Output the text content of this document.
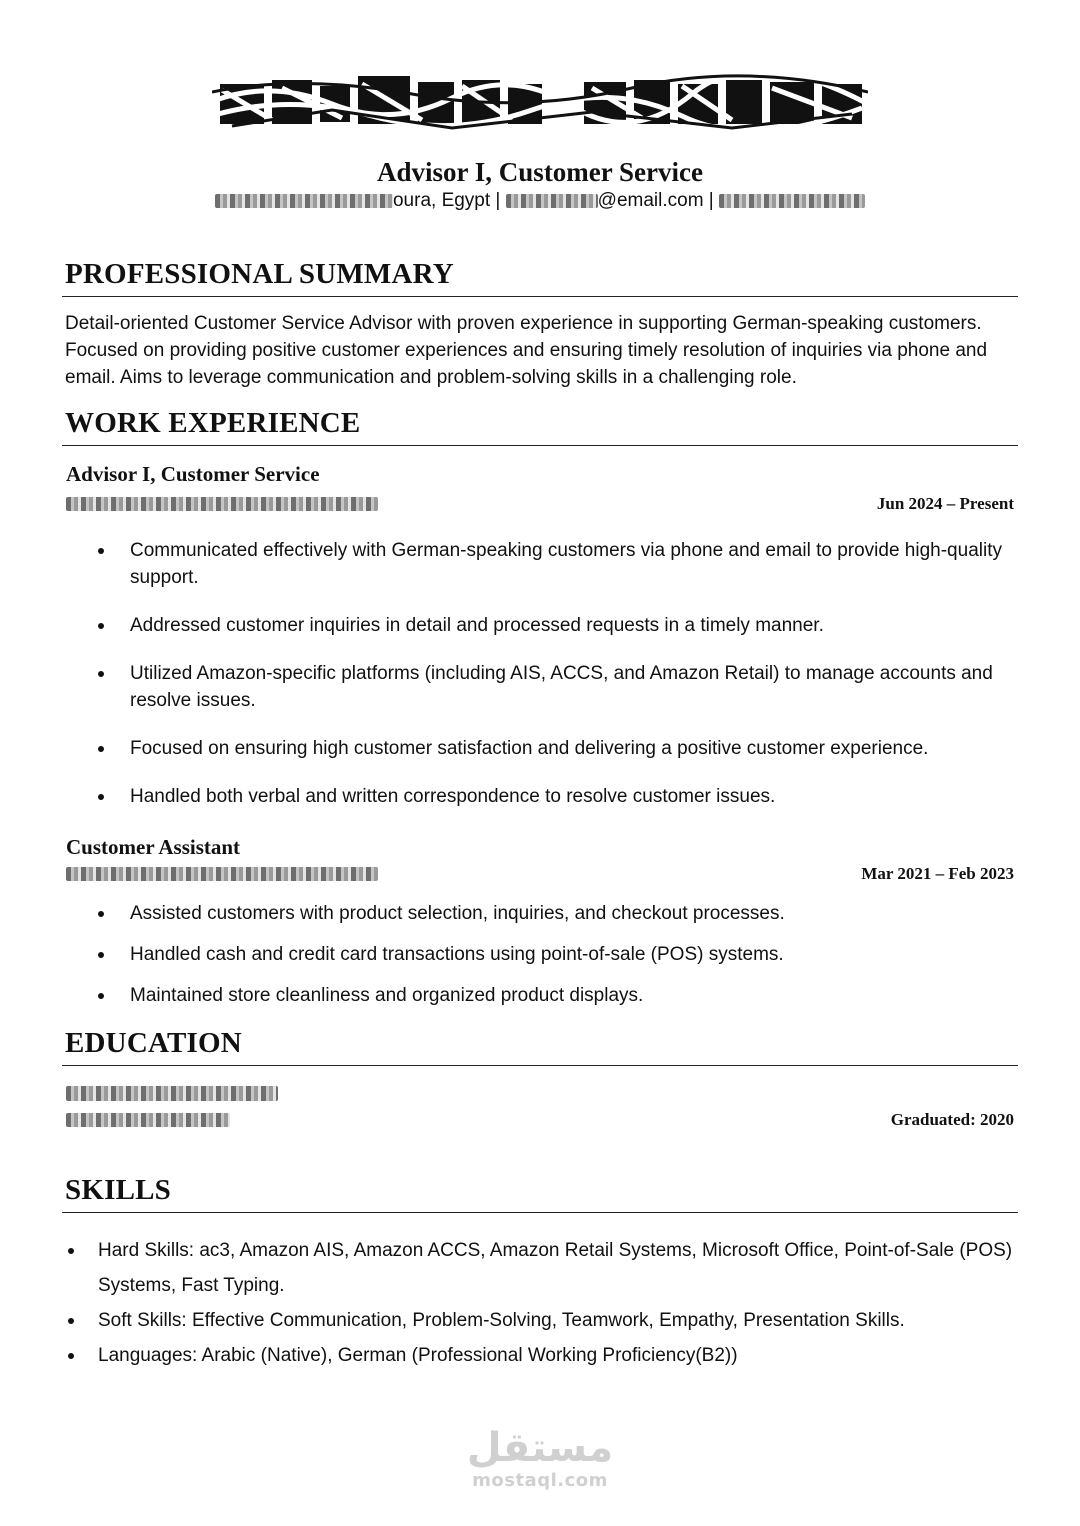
Advisor I, Customer Service
oura, Egypt |	@email.com |
PROFESSIONAL SUMMARY
Detail-oriented Customer Service Advisor with proven experience in supporting German-speaking customers. Focused on providing positive customer experiences and ensuring timely resolution of inquiries via phone and email. Aims to leverage communication and problem-solving skills in a challenging role.
WORK EXPERIENCE
Advisor I, Customer Service
Jun 2024 – Present
Communicated effectively with German-speaking customers via phone and email to provide high-quality support.
Addressed customer inquiries in detail and processed requests in a timely manner.
Utilized Amazon-specific platforms (including AIS, ACCS, and Amazon Retail) to manage accounts and resolve issues.
Focused on ensuring high customer satisfaction and delivering a positive customer experience.
Handled both verbal and written correspondence to resolve customer issues.
Customer Assistant
Mar 2021 – Feb 2023
Assisted customers with product selection, inquiries, and checkout processes.
Handled cash and credit card transactions using point-of-sale (POS) systems.
Maintained store cleanliness and organized product displays.
EDUCATION
Graduated: 2020
SKILLS
Hard Skills: ac3, Amazon AIS, Amazon ACCS, Amazon Retail Systems, Microsoft Office, Point-of-Sale (POS) Systems, Fast Typing.
Soft Skills: Effective Communication, Problem-Solving, Teamwork, Empathy, Presentation Skills.
Languages: Arabic (Native), German (Professional Working Proficiency(B2))
مستقل
mostaql.com
